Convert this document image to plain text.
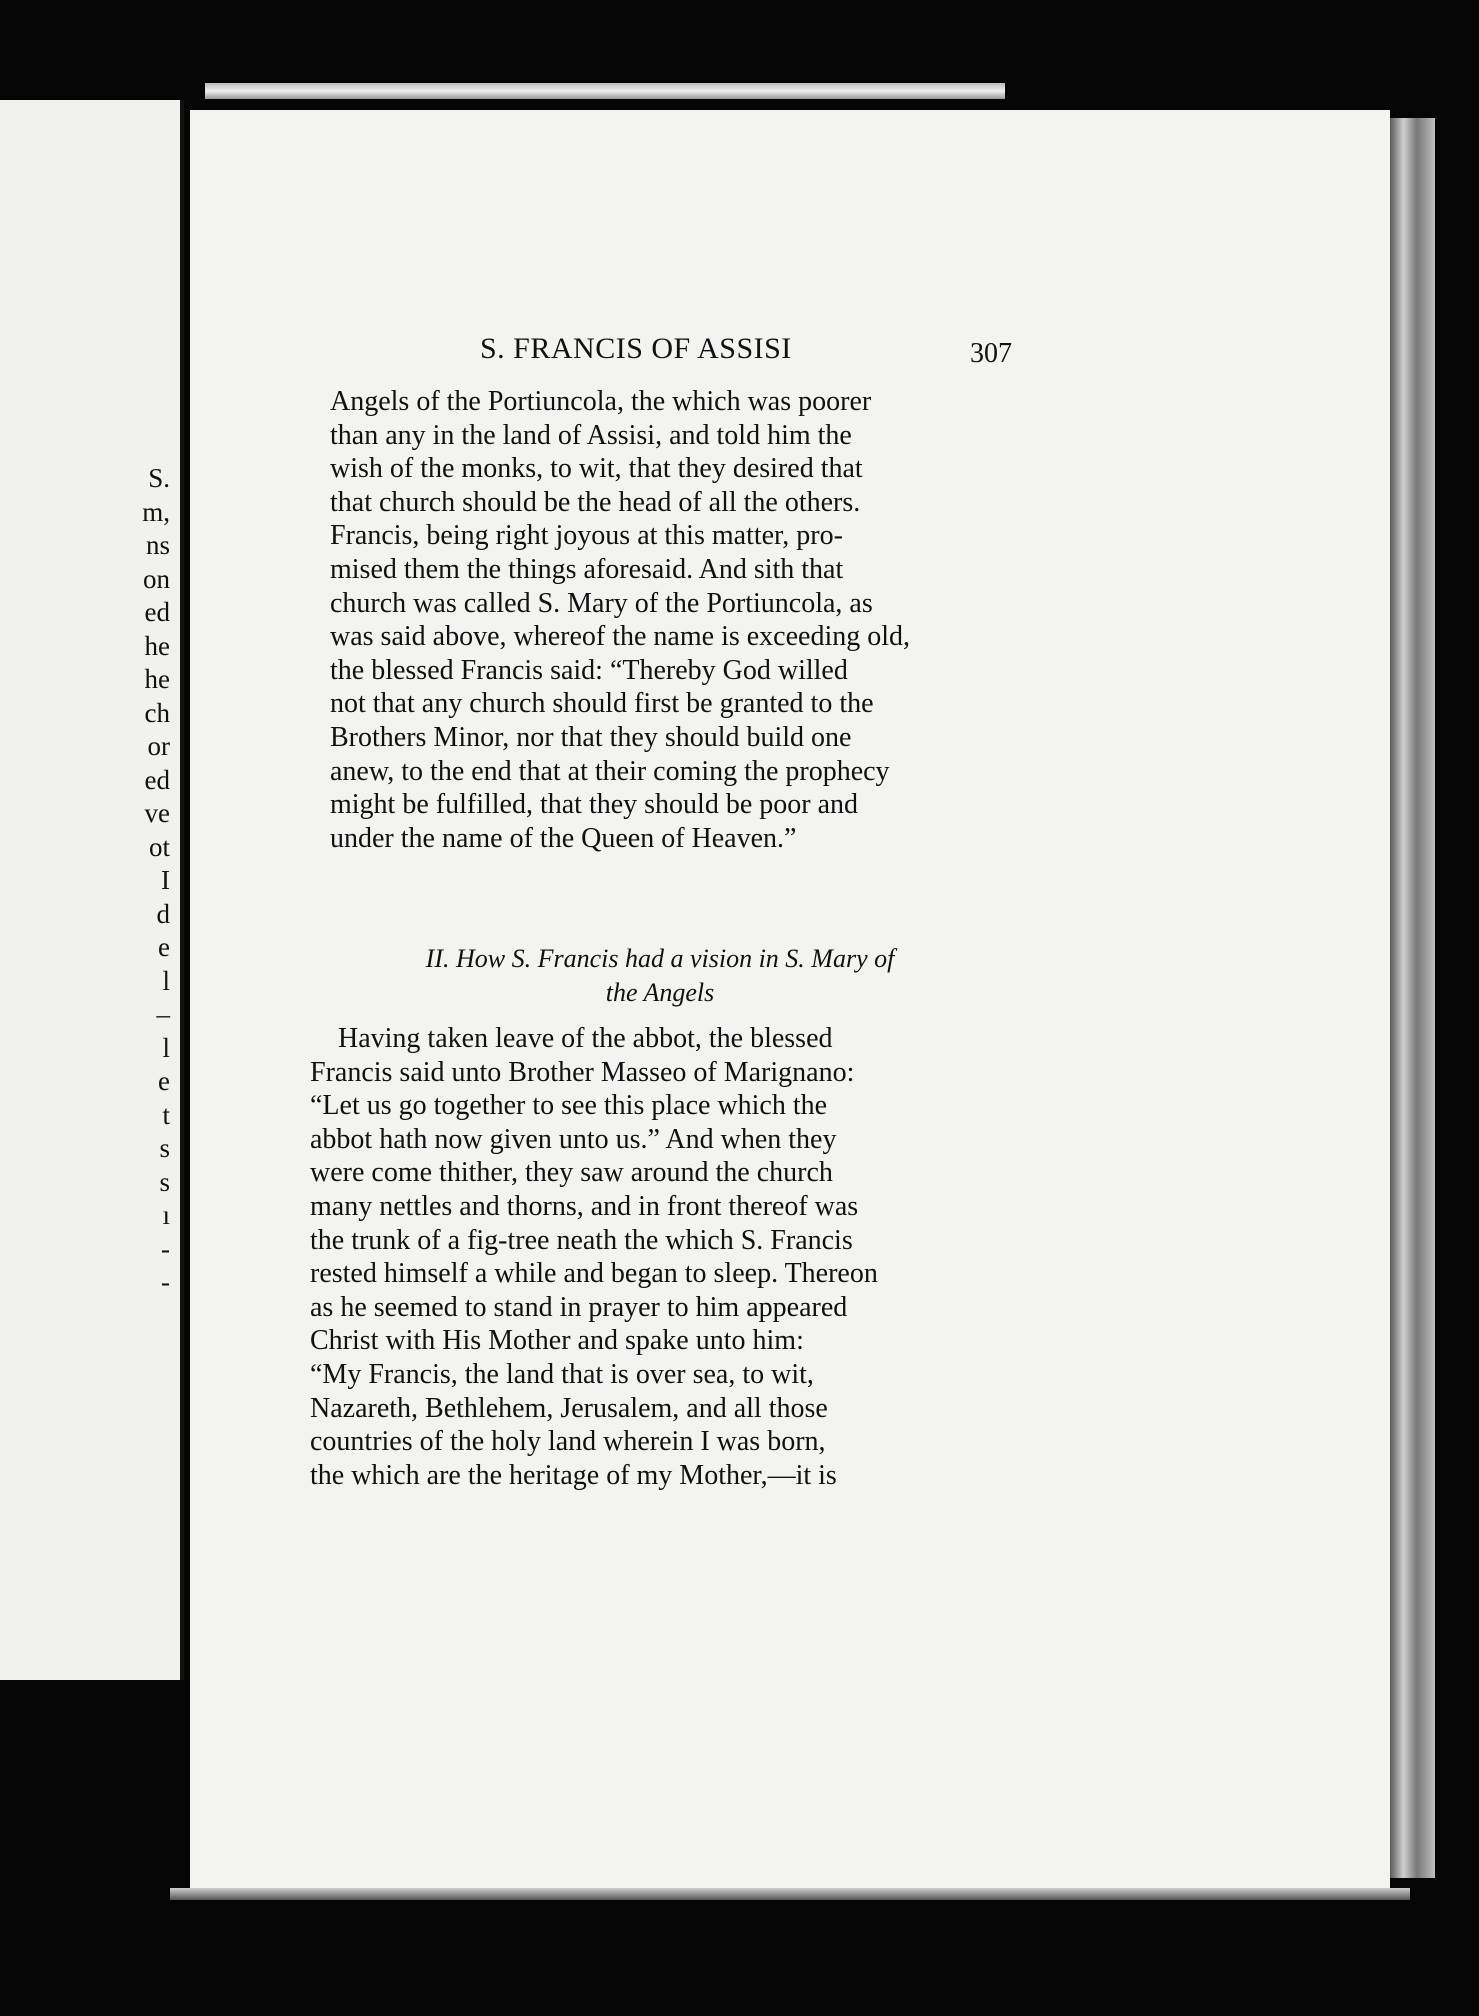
S.
m,
ns
on
ed
he
he
ch
or
ed
ve
ot
I
d
e
l
–
l
e
t
s
s
ı
-
-

S. FRANCIS OF ASSISI	307

Angels of the Portiuncola, the which was poorer
than any in the land of Assisi, and told him the
wish of the monks, to wit, that they desired that
that church should be the head of all the others.
Francis, being right joyous at this matter, pro-
mised them the things aforesaid. And sith that
church was called S. Mary of the Portiuncola, as
was said above, whereof the name is exceeding old,
the blessed Francis said: “Thereby God willed
not that any church should first be granted to the
Brothers Minor, nor that they should build one
anew, to the end that at their coming the prophecy
might be fulfilled, that they should be poor and
under the name of the Queen of Heaven.”

II. How S. Francis had a vision in S. Mary of
the Angels

Having taken leave of the abbot, the blessed
Francis said unto Brother Masseo of Marignano:
“Let us go together to see this place which the
abbot hath now given unto us.” And when they
were come thither, they saw around the church
many nettles and thorns, and in front thereof was
the trunk of a fig-tree neath the which S. Francis
rested himself a while and began to sleep. Thereon
as he seemed to stand in prayer to him appeared
Christ with His Mother and spake unto him:
“My Francis, the land that is over sea, to wit,
Nazareth, Bethlehem, Jerusalem, and all those
countries of the holy land wherein I was born,
the which are the heritage of my Mother,—it is
